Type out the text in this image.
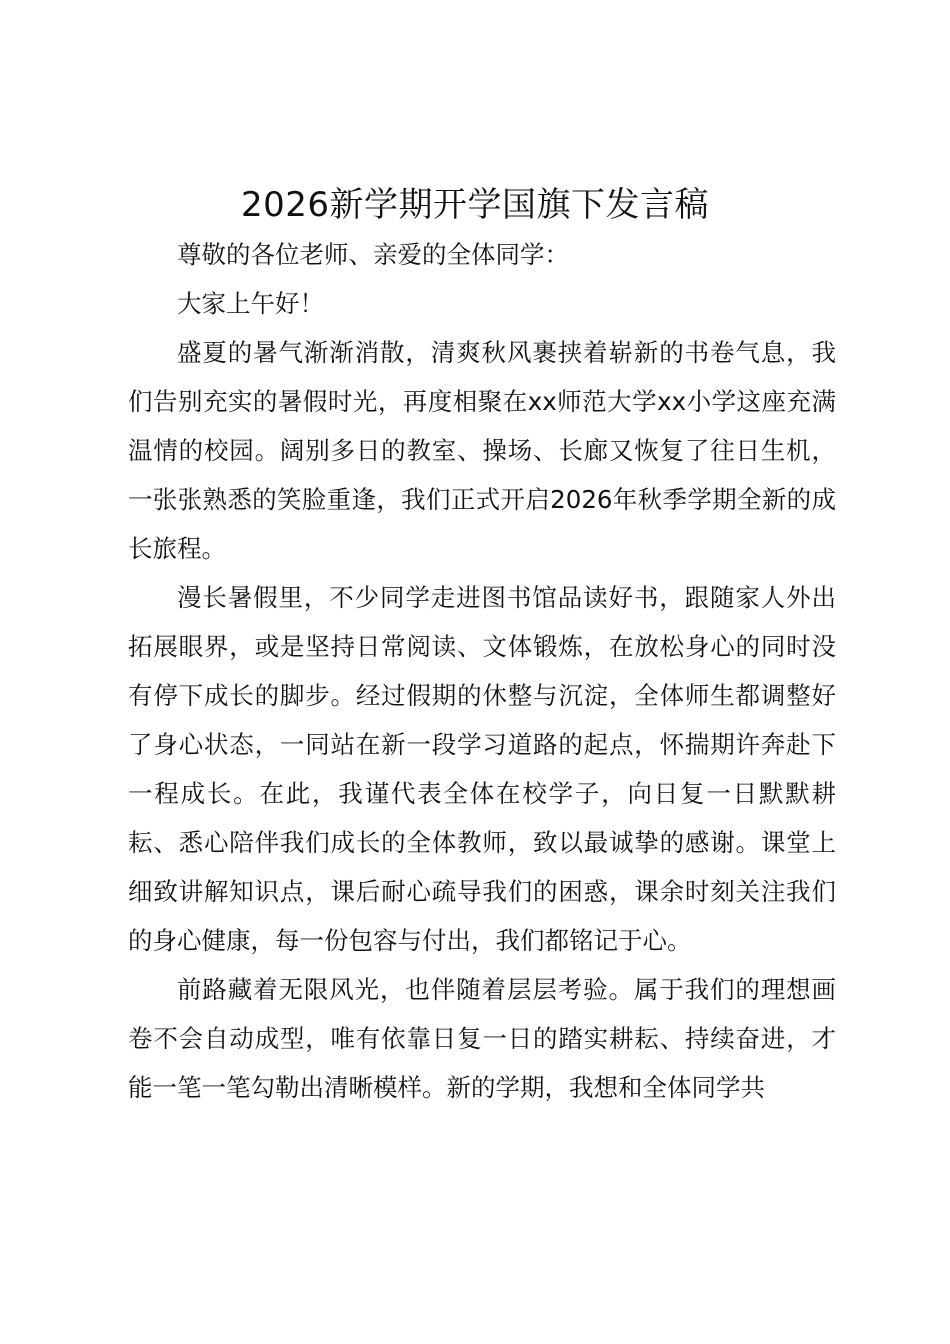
2026新学期开学国旗下发言稿

尊敬的各位老师、亲爱的全体同学：

大家上午好！

盛夏的暑气渐渐消散，清爽秋风裹挟着崭新的书卷气息，我们告别充实的暑假时光，再度相聚在xx师范大学xx小学这座充满温情的校园。阔别多日的教室、操场、长廊又恢复了往日生机，一张张熟悉的笑脸重逢，我们正式开启2026年秋季学期全新的成长旅程。

漫长暑假里，不少同学走进图书馆品读好书，跟随家人外出拓展眼界，或是坚持日常阅读、文体锻炼，在放松身心的同时没有停下成长的脚步。经过假期的休整与沉淀，全体师生都调整好了身心状态，一同站在新一段学习道路的起点，怀揣期许奔赴下一程成长。在此，我谨代表全体在校学子，向日复一日默默耕耘、悉心陪伴我们成长的全体教师，致以最诚挚的感谢。课堂上细致讲解知识点，课后耐心疏导我们的困惑，课余时刻关注我们的身心健康，每一份包容与付出，我们都铭记于心。

前路藏着无限风光，也伴随着层层考验。属于我们的理想画卷不会自动成型，唯有依靠日复一日的踏实耕耘、持续奋进，才能一笔一笔勾勒出清晰模样。新的学期，我想和全体同学共
